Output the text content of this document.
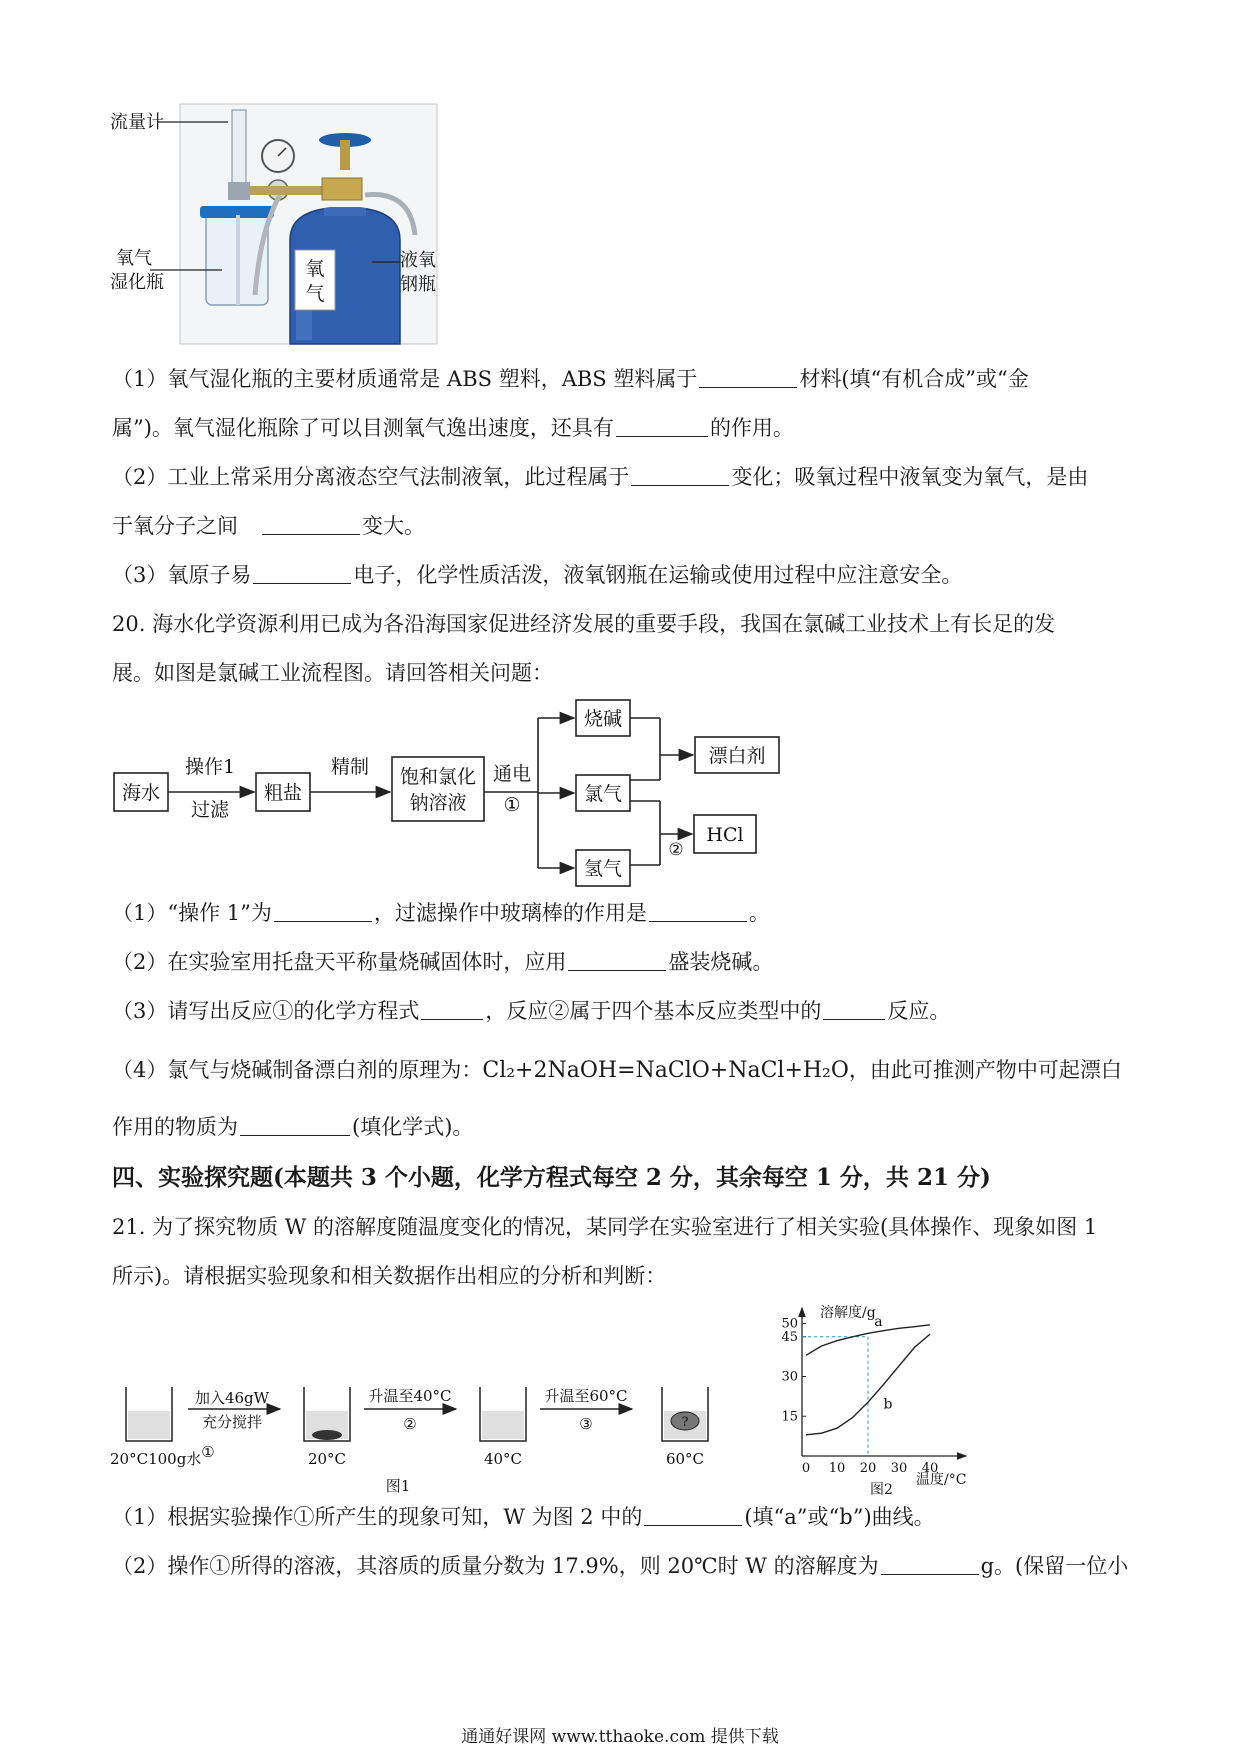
氧
气
流量计
氧气
湿化瓶
液氧
钢瓶
（1）氧气湿化瓶的主要材质通常是 ABS 塑料，ABS 塑料属于	材料(填“有机合成”或“金
属”)。氧气湿化瓶除了可以目测氧气逸出速度，还具有	的作用。
（2）工业上常采用分离液态空气法制液氧，此过程属于	变化；吸氧过程中液氧变为氧气，是由
于氧分子之间	变大。
（3）氧原子易	电子，化学性质活泼，液氧钢瓶在运输或使用过程中应注意安全。
20. 海水化学资源利用已成为各沿海国家促进经济发展的重要手段，我国在氯碱工业技术上有长足的发
展。如图是氯碱工业流程图。请回答相关问题：
海水
操作1
过滤
粗盐
精制 饱和氯化
钠溶液
通电
①
烧碱
氯气
氢气
漂白剂
HCl
②
（1）“操作 1”为	，过滤操作中玻璃棒的作用是	。
（2）在实验室用托盘天平称量烧碱固体时，应用	盛装烧碱。
（3）请写出反应①的化学方程式	，反应②属于四个基本反应类型中的	反应。
（4）氯气与烧碱制备漂白剂的原理为：Cl₂+2NaOH=NaClO+NaCl+H₂O，由此可推测产物中可起漂白
作用的物质为	(填化学式)。
四、实验探究题(本题共 3 个小题，化学方程式每空 2 分，其余每空 1 分，共 21 分)
21. 为了探究物质 W 的溶解度随温度变化的情况，某同学在实验室进行了相关实验(具体操作、现象如图 1
所示)。请根据实验现象和相关数据作出相应的分析和判断：
?
20°C100g水
加入46gW
充分搅拌
①	20°C
升温至40°C
②
40°C
升温至60°C
③
60°C
图1
0 10 20 30 40
15
30
45
50
溶解度/g
温度/°C
图2
a
b
（1）根据实验操作①所产生的现象可知，W 为图 2 中的	(填“a”或“b”)曲线。
（2）操作①所得的溶液，其溶质的质量分数为 17.9%，则 20℃时 W 的溶解度为	g。(保留一位小
通通好课网 www.tthaoke.com 提供下载
